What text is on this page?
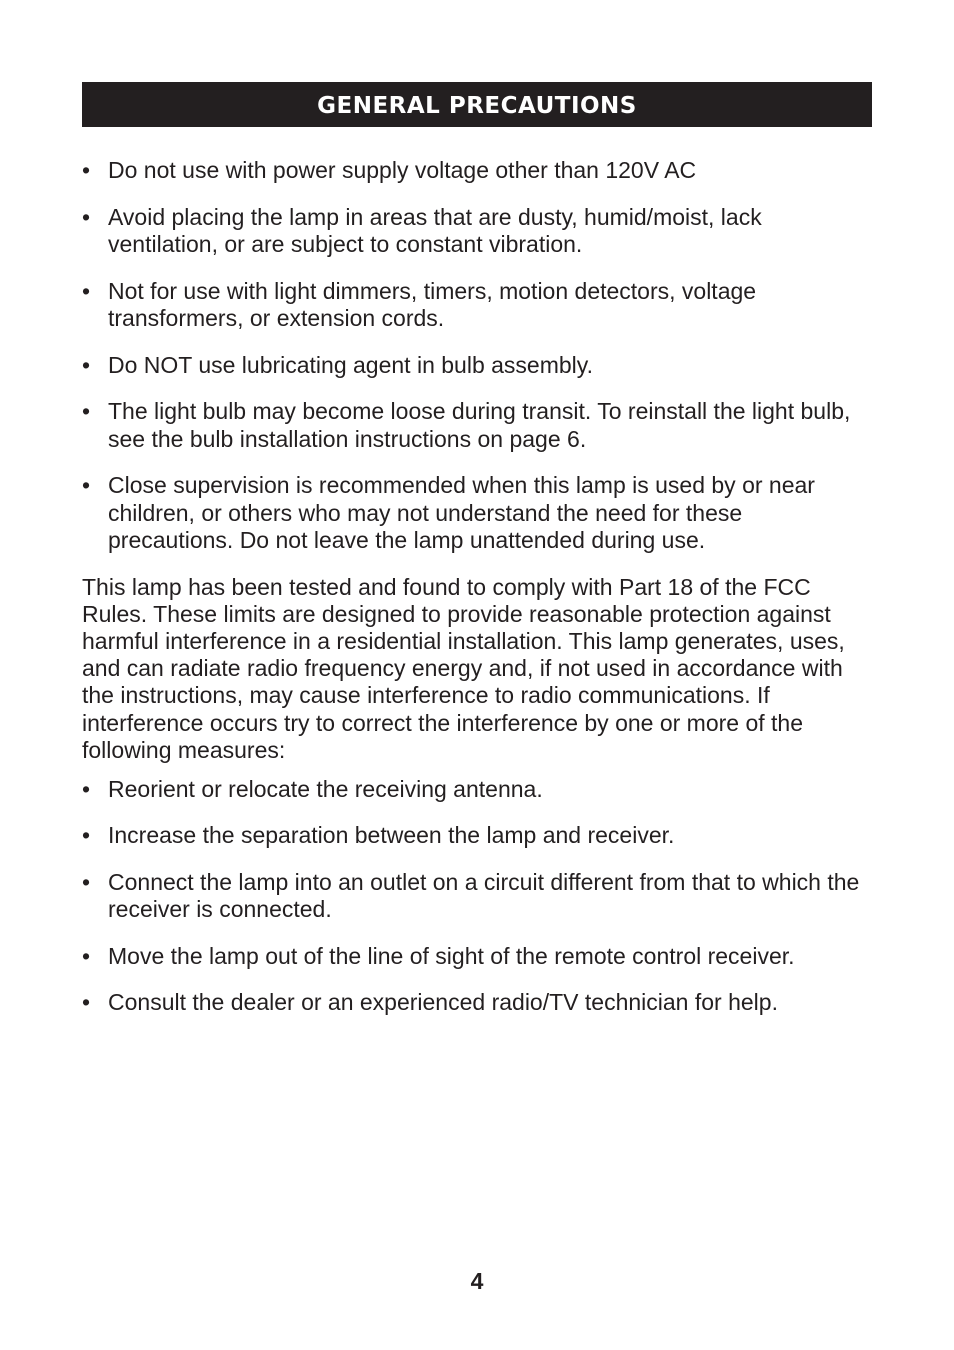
GENERAL PRECAUTIONS
• Do not use with power supply voltage other than 120V AC
• Avoid placing the lamp in areas that are dusty, humid/moist, lack ventilation, or are subject to constant vibration.
• Not for use with light dimmers, timers, motion detectors, voltage transformers, or extension cords.
• Do NOT use lubricating agent in bulb assembly.
• The light bulb may become loose during transit. To reinstall the light bulb, see the bulb installation instructions on page 6.
• Close supervision is recommended when this lamp is used by or near children, or others who may not understand the need for these precautions. Do not leave the lamp unattended during use.
This lamp has been tested and found to comply with Part 18 of the FCC Rules. These limits are designed to provide reasonable protection against harmful interference in a residential installation. This lamp generates, uses, and can radiate radio frequency energy and, if not used in accordance with the instructions, may cause interference to radio communications. If interference occurs try to correct the interference by one or more of the following measures:
• Reorient or relocate the receiving antenna.
• Increase the separation between the lamp and receiver.
• Connect the lamp into an outlet on a circuit different from that to which the receiver is connected.
• Move the lamp out of the line of sight of the remote control receiver.
• Consult the dealer or an experienced radio/TV technician for help.
4
